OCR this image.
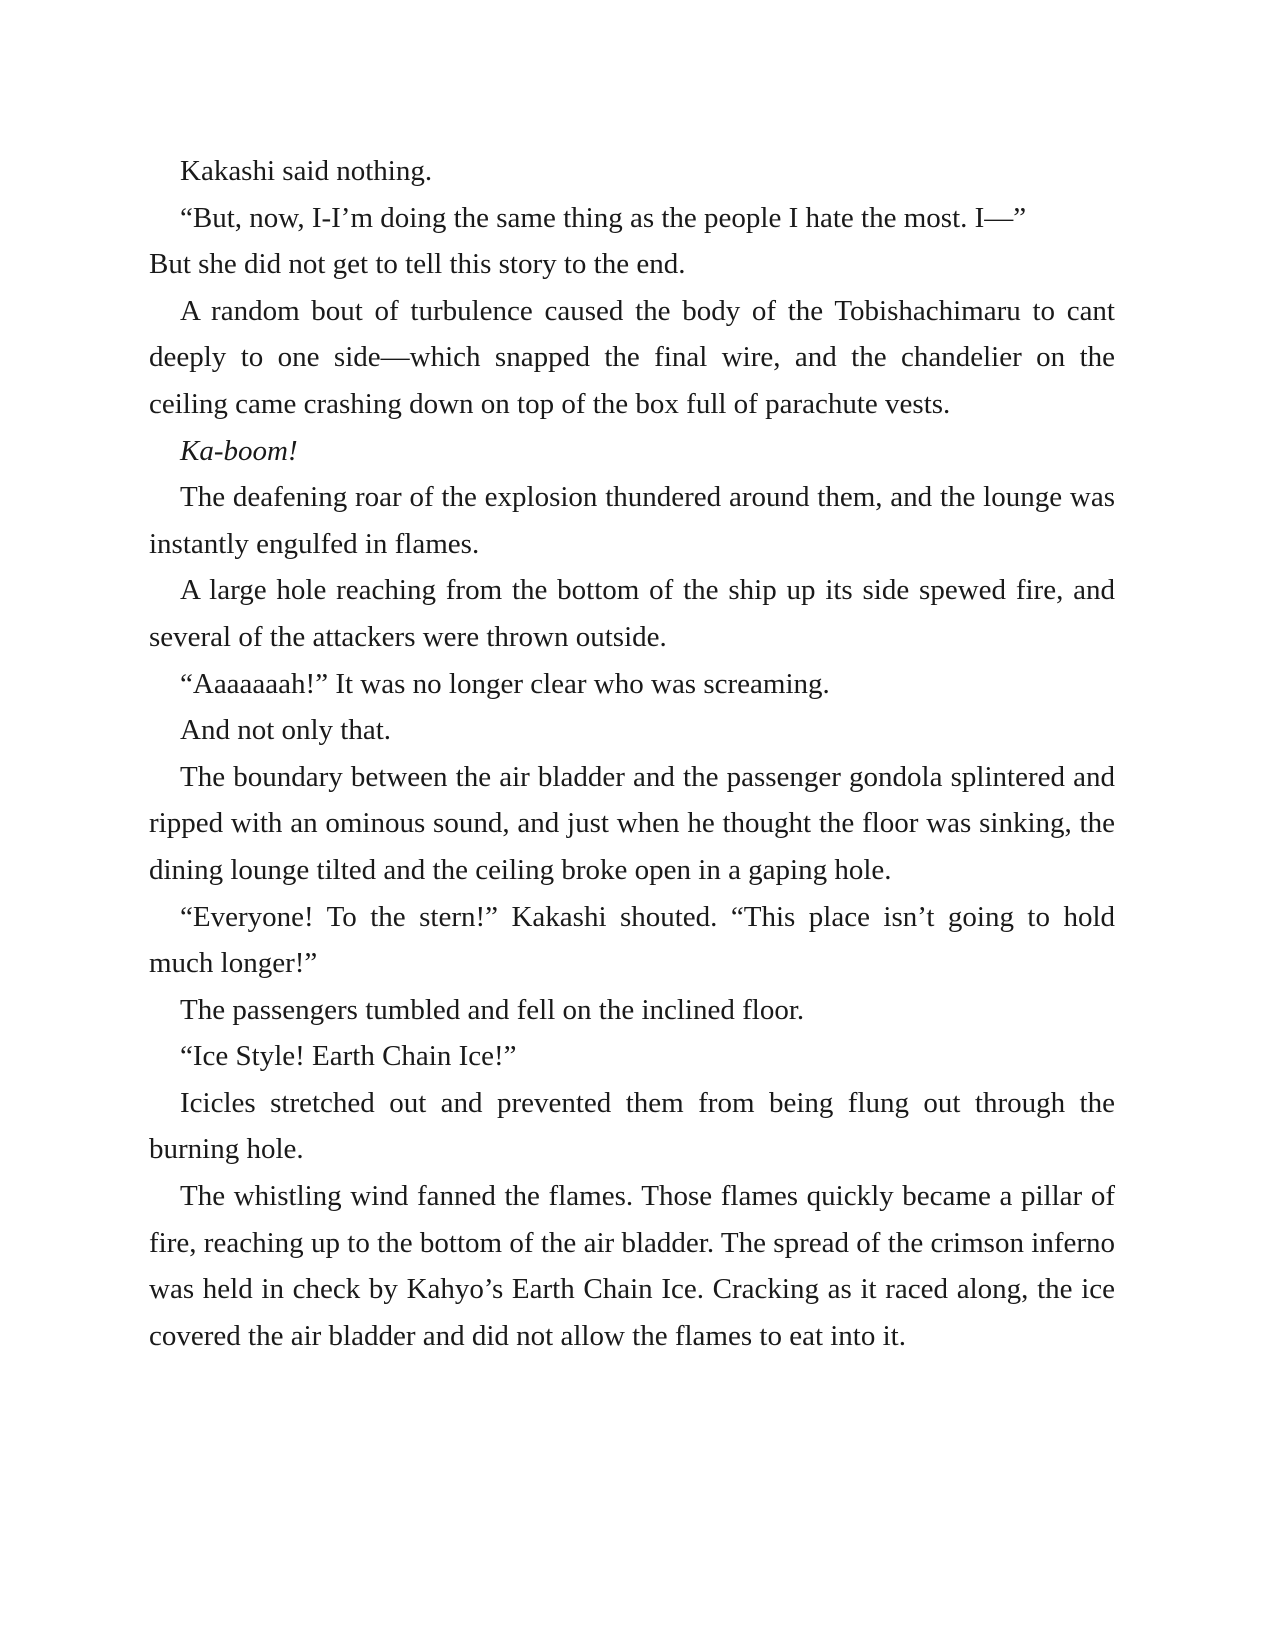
Kakashi said nothing.

“But, now, I-I’m doing the same thing as the people I hate the most. I—”

But she did not get to tell this story to the end.

A random bout of turbulence caused the body of the Tobishachimaru to cant deeply to one side—which snapped the final wire, and the chandelier on the ceiling came crashing down on top of the box full of parachute vests.

Ka-boom!

The deafening roar of the explosion thundered around them, and the lounge was instantly engulfed in flames.

A large hole reaching from the bottom of the ship up its side spewed fire, and several of the attackers were thrown outside.

“Aaaaaaah!” It was no longer clear who was screaming.

And not only that.

The boundary between the air bladder and the passenger gondola splintered and ripped with an ominous sound, and just when he thought the floor was sinking, the dining lounge tilted and the ceiling broke open in a gaping hole.

“Everyone! To the stern!” Kakashi shouted. “This place isn’t going to hold much longer!”

The passengers tumbled and fell on the inclined floor.

“Ice Style! Earth Chain Ice!”

Icicles stretched out and prevented them from being flung out through the burning hole.

The whistling wind fanned the flames. Those flames quickly became a pillar of fire, reaching up to the bottom of the air bladder. The spread of the crimson inferno was held in check by Kahyo’s Earth Chain Ice. Cracking as it raced along, the ice covered the air bladder and did not allow the flames to eat into it.
